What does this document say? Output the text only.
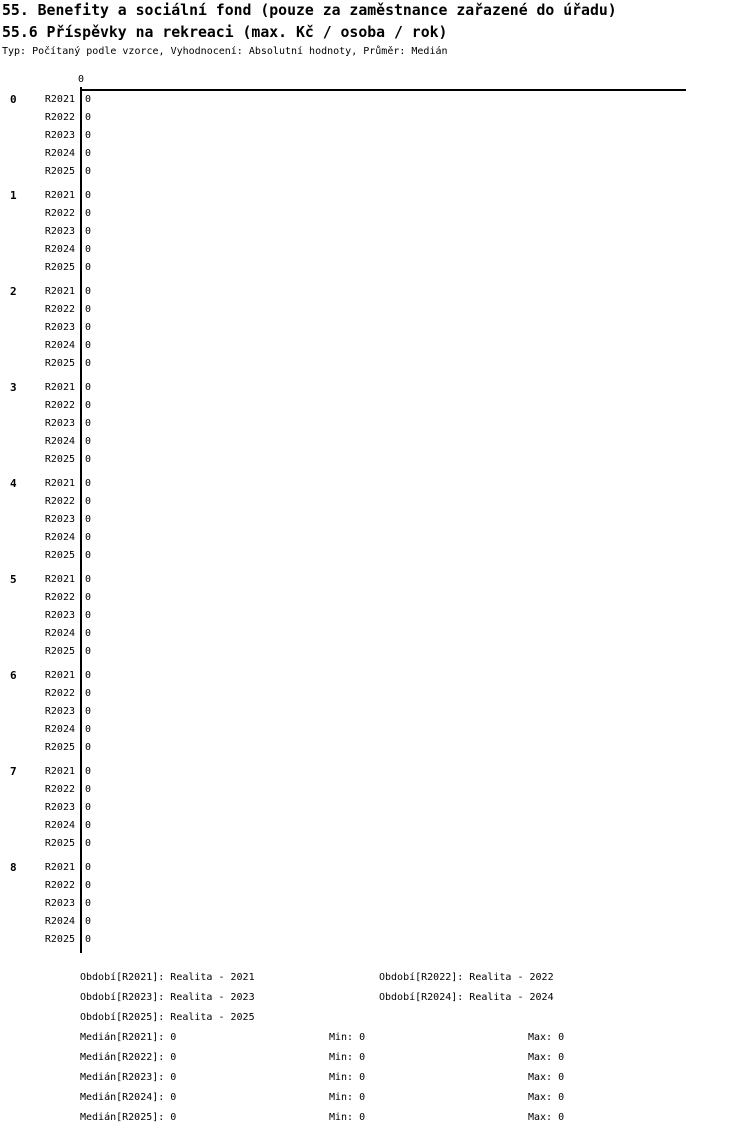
55. Benefity a sociální fond (pouze za zaměstnance zařazené do úřadu)
55.6 Příspěvky na rekreaci (max. Kč / osoba / rok)
Typ: Počítaný podle vzorce, Vyhodnocení: Absolutní hodnoty, Průměr: Medián
0
0	R2021 0
R2022 0
R2023 0
R2024 0
R2025 0
1	R2021 0
R2022 0
R2023 0
R2024 0
R2025 0
2	R2021 0
R2022 0
R2023 0
R2024 0
R2025 0
3	R2021 0
R2022 0
R2023 0
R2024 0
R2025 0
4	R2021 0
R2022 0
R2023 0
R2024 0
R2025 0
5	R2021 0
R2022 0
R2023 0
R2024 0
R2025 0
6	R2021 0
R2022 0
R2023 0
R2024 0
R2025 0
7	R2021 0
R2022 0
R2023 0
R2024 0
R2025 0
8	R2021 0
R2022 0
R2023 0
R2024 0
R2025 0
Období[R2021]: Realita - 2021	Období[R2022]: Realita - 2022
Období[R2023]: Realita - 2023	Období[R2024]: Realita - 2024
Období[R2025]: Realita - 2025
Medián[R2021]: 0	Min: 0	Max: 0
Medián[R2022]: 0	Min: 0	Max: 0
Medián[R2023]: 0	Min: 0	Max: 0
Medián[R2024]: 0	Min: 0	Max: 0
Medián[R2025]: 0	Min: 0	Max: 0
